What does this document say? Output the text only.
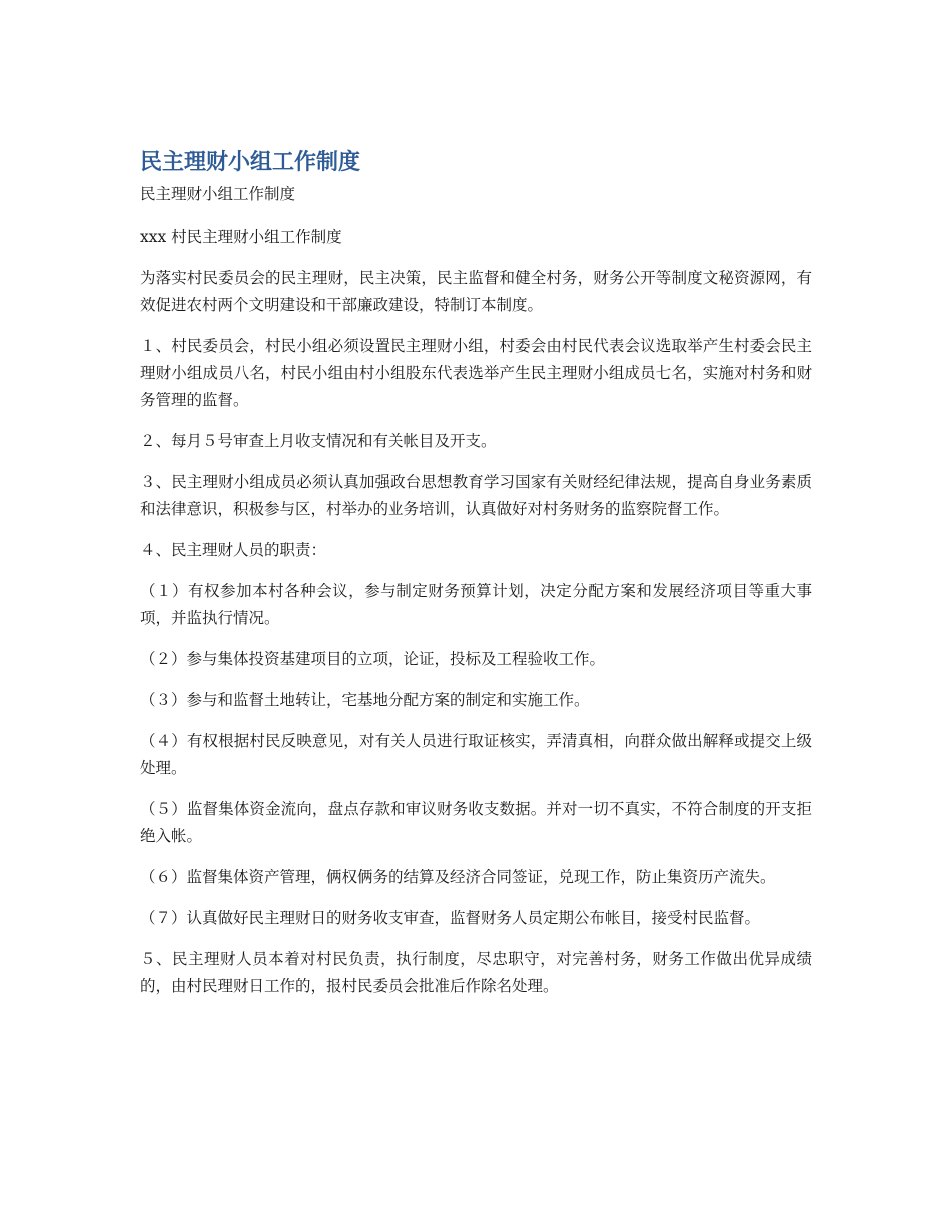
民主理财小组工作制度
民主理财小组工作制度

xxx 村民主理财小组工作制度

为落实村民委员会的民主理财，民主决策，民主监督和健全村务，财务公开等制度文秘资源网，有效促进农村两个文明建设和干部廉政建设，特制订本制度。

１、村民委员会，村民小组必须设置民主理财小组，村委会由村民代表会议选取举产生村委会民主理财小组成员八名，村民小组由村小组股东代表选举产生民主理财小组成员七名，实施对村务和财务管理的监督。

２、每月５号审查上月收支情况和有关帐目及开支。

３、民主理财小组成员必须认真加强政台思想教育学习国家有关财经纪律法规，提高自身业务素质和法律意识，积极参与区，村举办的业务培训，认真做好对村务财务的监察院督工作。

４、民主理财人员的职责：

（１）有权参加本村各种会议，参与制定财务预算计划，决定分配方案和发展经济项目等重大事项，并监执行情况。

（２）参与集体投资基建项目的立项，论证，投标及工程验收工作。

（３）参与和监督土地转让，宅基地分配方案的制定和实施工作。

（４）有权根据村民反映意见，对有关人员进行取证核实，弄清真相，向群众做出解释或提交上级处理。

（５）监督集体资金流向，盘点存款和审议财务收支数据。并对一切不真实，不符合制度的开支拒绝入帐。

（６）监督集体资产管理，俩权俩务的结算及经济合同签证，兑现工作，防止集资历产流失。

（７）认真做好民主理财日的财务收支审查，监督财务人员定期公布帐目，接受村民监督。

５、民主理财人员本着对村民负责，执行制度，尽忠职守，对完善村务，财务工作做出优异成绩的，由村民理财日工作的，报村民委员会批准后作除名处理。
